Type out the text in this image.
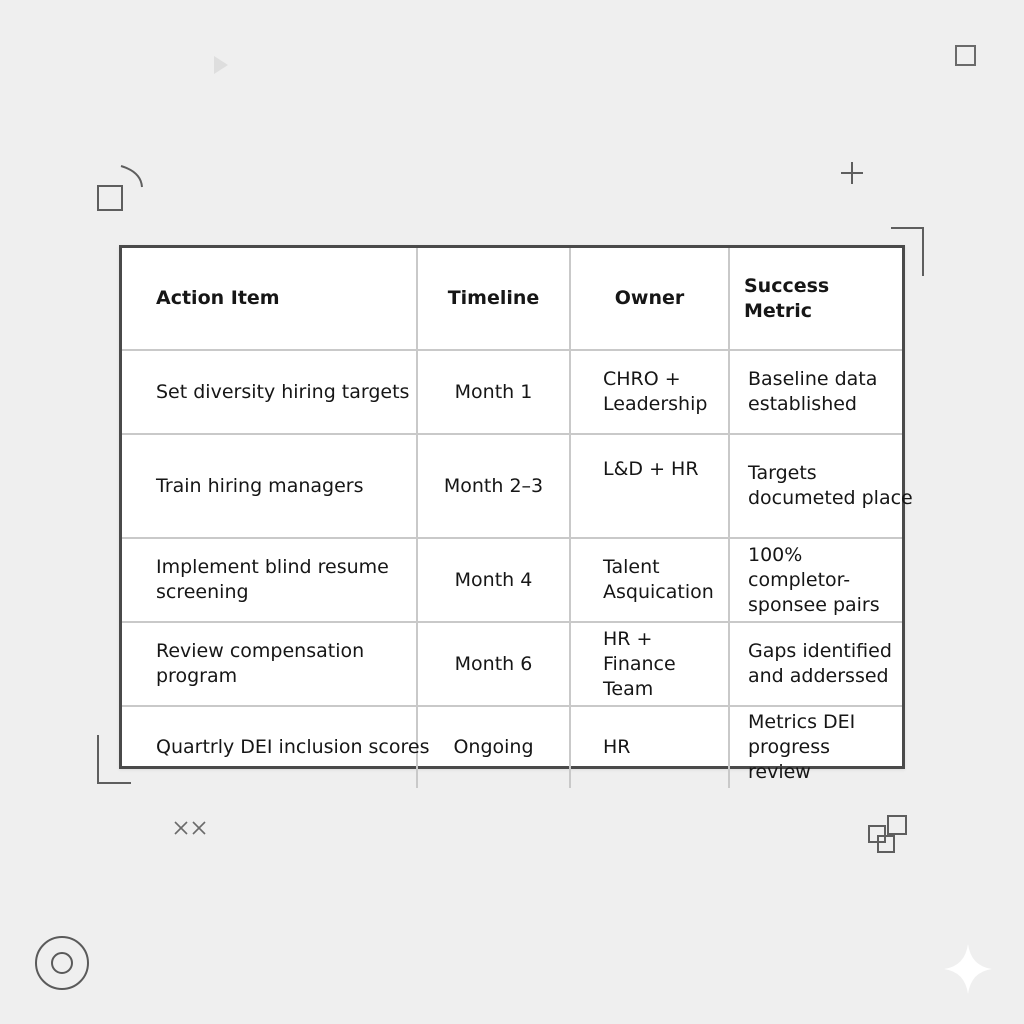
Action Item	Timeline	Owner	Success Metric

Set diversity hiring targets	Month 1	CHRO + Leadership	Baseline data established

Train hiring managers	Month 2–3	L&D + HR	Targets documeted place

Implement blind resume screening	Month 4	Talent Asquication	100% completor-sponsee pairs

Review compensation program	Month 6	HR + Finance Team	Gaps identified and adderssed

Quartrly DEI inclusion scores	Ongoing	HR	Metrics DEI progress review
